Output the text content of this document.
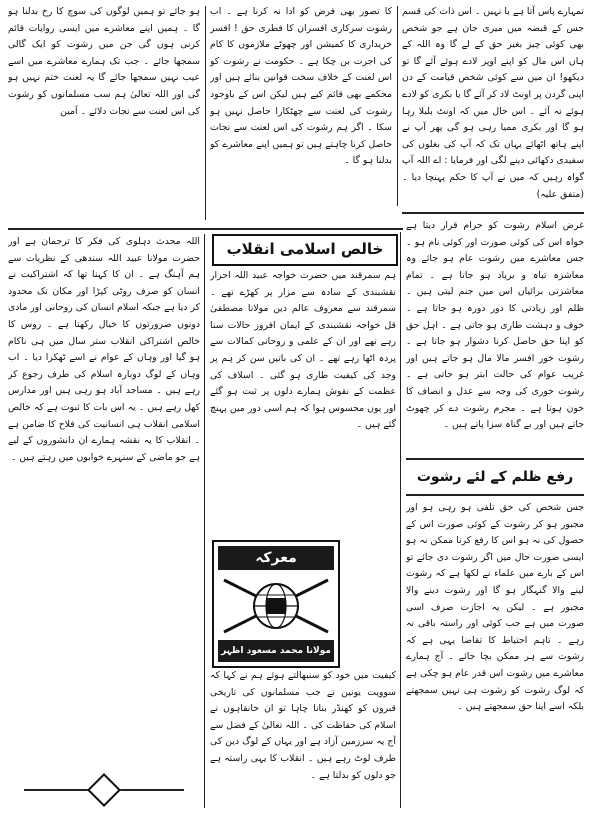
تمہارے پاس آتا ہے یا نہیں ۔ اس ذات کی قسم جس کے قبضہ میں میری جان ہے جو شخص بھی کوئی چیز بغیر حق کے لے گا وہ اللہ کے ہاں اس مال کو اپنے اوپر لادے ہوئے آئے گا تو دیکھو! ان میں سے کوئی شخص قیامت کے دن اپنی گردن پر اونٹ لاد کر آئے گا یا بکری کو لادے ہوئے نہ آئے ۔ اس حال میں کہ اونٹ بلبلا رہا ہو گا اور بکری ممیا رہی ہو گی پھر آپ نے اپنے ہاتھ اٹھائے یہاں تک کہ آپ کی بغلوں کی سفیدی دکھائی دینے لگی اور فرمایا : اے اللہ آپ گواہ رہیں کہ میں نے آپ کا حکم پہنچا دیا ۔ (متفق علیہ)

کا تصور بھی فرض کو ادا نہ کرنا ہے ۔ اب رشوت سرکاری افسران کا فطری حق ! افسر خریداری کا کمیشن اور چھوٹے ملازموں کا کام کی اجرت بن چکا ہے ۔ حکومت نے رشوت کو اس لعنت کے خلاف سخت قوانین بنائے ہیں اور محکمے بھی قائم کیے ہیں لیکن اس کے باوجود رشوت کی لعنت سے چھٹکارا حاصل نہیں ہو سکا ۔ اگر ہم رشوت کی اس لعنت سے نجات حاصل کرنا چاہتے ہیں تو ہمیں اپنے معاشرے کو بدلنا ہو گا ۔

ہو جائے تو ہمیں لوگوں کی سوچ کا رخ بدلنا ہو گا ۔ ہمیں اپنے معاشرے میں ایسی روایات قائم کرنی ہوں گی جن میں رشوت کو ایک گالی سمجھا جائے ۔ جب تک ہمارے معاشرے میں اسے عیب نہیں سمجھا جائے گا یہ لعنت ختم نہیں ہو گی اور اللہ تعالیٰ ہم سب مسلمانوں کو رشوت کی اس لعنت سے نجات دلائے ۔ آمین

غرض اسلام رشوت کو حرام قرار دیتا ہے خواہ اس کی کوئی صورت اور کوئی نام ہو ۔ جس معاشرے میں رشوت عام ہو جائے وہ معاشرہ تباہ و برباد ہو جاتا ہے ۔ تمام معاشرتی برائیاں اس میں جنم لیتی ہیں ۔ ظلم اور زیادتی کا دور دورہ ہو جاتا ہے ۔ خوف و دہشت طاری ہو جاتی ہے ۔ اہل حق کو اپنا حق حاصل کرنا دشوار ہو جاتا ہے ۔ رشوت خور افسر مالا مال ہو جاتے ہیں اور غریب عوام کی حالت ابتر ہو جاتی ہے ۔ رشوت خوری کی وجہ سے عدل و انصاف کا خون ہوتا ہے ۔ مجرم رشوت دے کر چھوٹ جاتے ہیں اور بے گناہ سزا پاتے ہیں ۔

رفع ظلم کے لئے رشوت

جس شخص کی حق تلفی ہو رہی ہو اور مجبور ہو کر رشوت کے کوئی صورت اس کے حصول کی نہ ہو اس کا رفع کرنا ممکن نہ ہو ایسی صورت حال میں اگر رشوت دی جائے تو اس کے بارے میں علماء نے لکھا ہے کہ رشوت لینے والا گنہگار ہو گا اور رشوت دینے والا مجبور ہے ۔ لیکن یہ اجازت صرف اسی صورت میں ہے جب کوئی اور راستہ باقی نہ رہے ۔ تاہم احتیاط کا تقاضا یہی ہے کہ رشوت سے ہر ممکن بچا جائے ۔ آج ہمارے معاشرے میں رشوت اس قدر عام ہو چکی ہے کہ لوگ رشوت کو رشوت ہی نہیں سمجھتے بلکہ اسے اپنا حق سمجھتے ہیں ۔

خالص اسلامی انقلاب

ہم سمرقند میں حضرت خواجہ عبید اللہ احرار نقشبندی کے سادہ سے مزار پر کھڑے تھے ۔ سمرقند سے معروف عالم دین مولانا مصطفیٰ قل خواجہ نقشبندی کے ایمان افروز حالات سنا رہے تھے اور ان کے علمی و روحانی کمالات سے پردہ اٹھا رہے تھے ۔ ان کی باتیں سن کر ہم پر وجد کی کیفیت طاری ہو گئی ۔ اسلاف کی عظمت کے نقوش ہمارے دلوں پر ثبت ہو گئے اور یوں محسوس ہوا کہ ہم اسی دور میں پہنچ گئے ہیں ۔

معرکہ
مولانا محمد مسعود اظہر

کیفیت میں خود کو سنبھالتے ہوئے ہم نے کہا کہ سوویت یونین نے جب مسلمانوں کی تاریخی قبروں کو کھنڈر بنانا چاہا تو ان خانقاہوں نے اسلام کی حفاظت کی ۔ اللہ تعالیٰ کے فضل سے آج یہ سرزمین آزاد ہے اور یہاں کے لوگ دین کی طرف لوٹ رہے ہیں ۔ انقلاب کا یہی راستہ ہے جو دلوں کو بدلتا ہے ۔

اللہ محدث دہلوی کی فکر کا ترجمان ہے اور حضرت مولانا عبید اللہ سندھی کے نظریات سے ہم آہنگ ہے ۔ ان کا کہنا تھا کہ اشتراکیت نے انسان کو صرف روٹی کپڑا اور مکان تک محدود کر دیا ہے جبکہ اسلام انسان کی روحانی اور مادی دونوں ضرورتوں کا خیال رکھتا ہے ۔ روس کا خالص اشتراکی انقلاب ستر سال میں ہی ناکام ہو گیا اور وہاں کے عوام نے اسے ٹھکرا دیا ۔ اب وہاں کے لوگ دوبارہ اسلام کی طرف رجوع کر رہے ہیں ۔ مساجد آباد ہو رہی ہیں اور مدارس کھل رہے ہیں ۔ یہ اس بات کا ثبوت ہے کہ خالص اسلامی انقلاب ہی انسانیت کی فلاح کا ضامن ہے ۔ انقلاب کا یہ نقشہ ہمارے ان دانشوروں کے لیے ہے جو ماضی کے سنہرے خوابوں میں رہتے ہیں ۔
